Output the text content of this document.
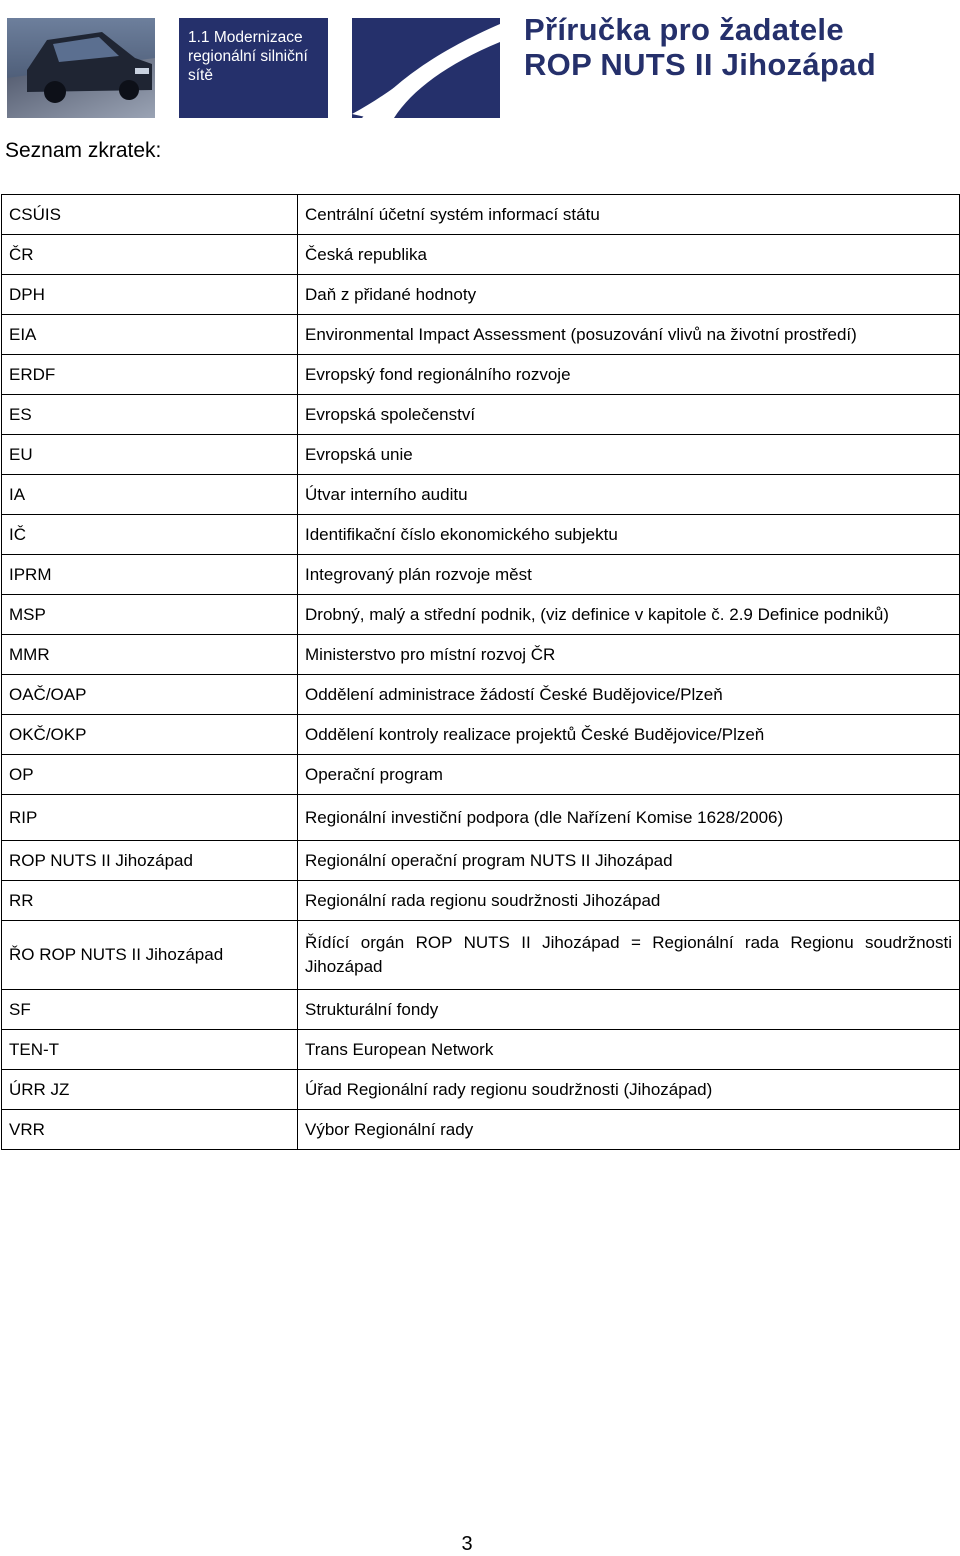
1.1 Modernizace
regionální silniční
sítě
Příručka pro žadatele
ROP NUTS II Jihozápad
Seznam zkratek:
CSÚIS	Centrální účetní systém informací státu
ČR	Česká republika
DPH	Daň z přidané hodnoty
EIA	Environmental Impact Assessment (posuzování vlivů na životní prostředí)
ERDF	Evropský fond regionálního rozvoje
ES	Evropská společenství
EU	Evropská unie
IA	Útvar interního auditu
IČ	Identifikační číslo ekonomického subjektu
IPRM	Integrovaný plán rozvoje měst
MSP	Drobný, malý a střední podnik, (viz definice v kapitole č. 2.9 Definice podniků)
MMR	Ministerstvo pro místní rozvoj ČR
OAČ/OAP	Oddělení administrace žádostí České Budějovice/Plzeň
OKČ/OKP	Oddělení kontroly realizace projektů České Budějovice/Plzeň
OP	Operační program
RIP	Regionální investiční podpora (dle Nařízení Komise 1628/2006)
ROP NUTS II Jihozápad	Regionální operační program NUTS II Jihozápad
RR	Regionální rada regionu soudržnosti Jihozápad
ŘO ROP NUTS II Jihozápad	Řídící orgán ROP NUTS II Jihozápad = Regionální rada Regionu soudržnosti Jihozápad
SF	Strukturální fondy
TEN-T	Trans European Network
ÚRR JZ	Úřad Regionální rady regionu soudržnosti (Jihozápad)
VRR	Výbor Regionální rady
3
